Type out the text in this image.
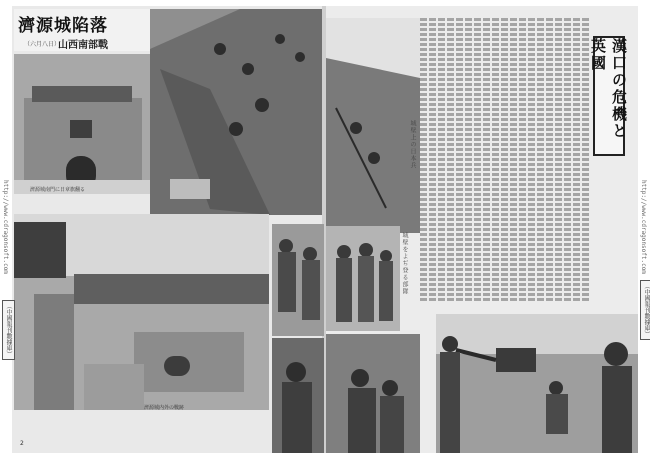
濟源城陷落
山西南部戰
（六月八日）
濟源城南門に日章旗翻る
濟源城内外の戰跡
漢口の危機と英國
城壁上の日本兵
城壁をよぢ登る部隊
http://www.cdragonsoft.com
（中國報刊數據庫）
http://www.cdragonsoft.com
（中國報刊數據庫）
2
